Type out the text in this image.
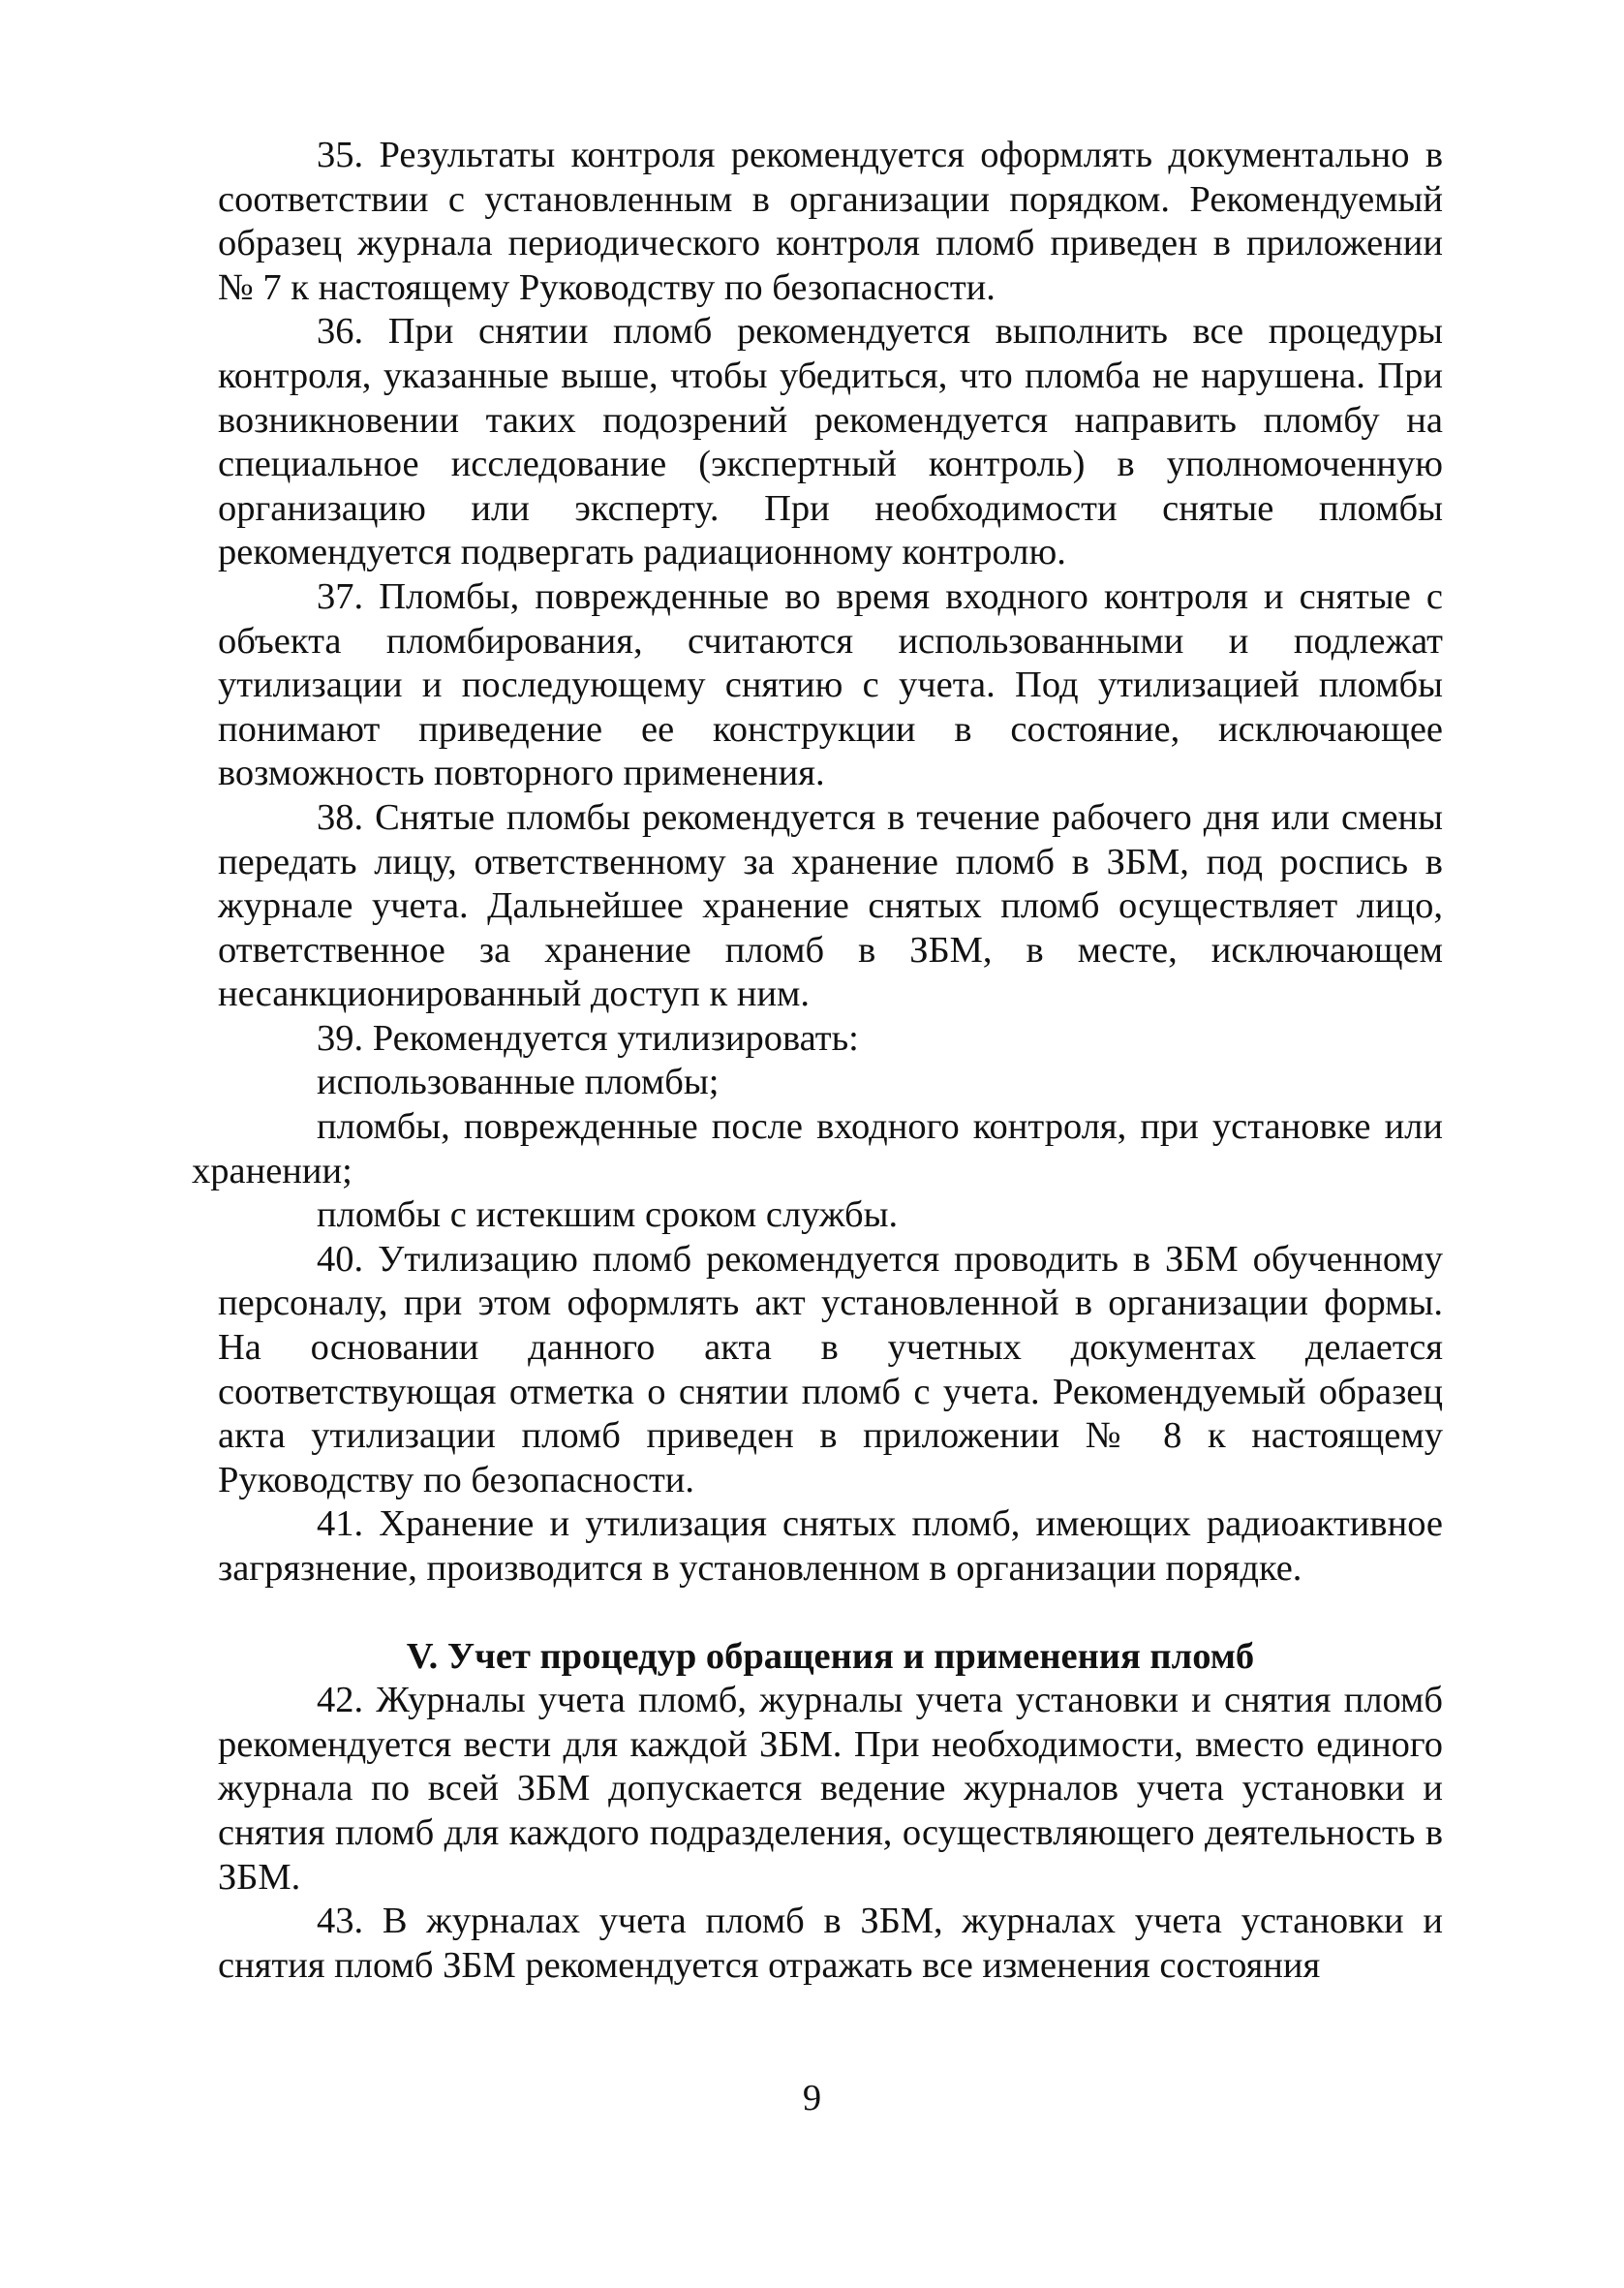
35. Результаты контроля рекомендуется оформлять документально в соответствии с установленным в организации порядком. Рекомендуемый образец журнала периодического контроля пломб приведен в приложении № 7 к настоящему Руководству по безопасности.

36. При снятии пломб рекомендуется выполнить все процедуры контроля, указанные выше, чтобы убедиться, что пломба не нарушена. При возникновении таких подозрений рекомендуется направить пломбу на специальное исследование (экспертный контроль) в уполномоченную организацию или эксперту. При необходимости снятые пломбы рекомендуется подвергать радиационному контролю.

37. Пломбы, поврежденные во время входного контроля и снятые с объекта пломбирования, считаются использованными и подлежат утилизации и последующему снятию с учета. Под утилизацией пломбы понимают приведение ее конструкции в состояние, исключающее возможность повторного применения.

38. Снятые пломбы рекомендуется в течение рабочего дня или смены передать лицу, ответственному за хранение пломб в ЗБМ, под роспись в журнале учета. Дальнейшее хранение снятых пломб осуществляет лицо, ответственное за хранение пломб в ЗБМ, в месте, исключающем несанкционированный доступ к ним.

39. Рекомендуется утилизировать:

использованные пломбы;

пломбы, поврежденные после входного контроля, при установке или хранении;

пломбы с истекшим сроком службы.

40. Утилизацию пломб рекомендуется проводить в ЗБМ обученному персоналу, при этом оформлять акт установленной в организации формы. На основании данного акта в учетных документах делается соответствующая отметка о снятии пломб с учета. Рекомендуемый образец акта утилизации пломб приведен в приложении № 8 к настоящему Руководству по безопасности.

41. Хранение и утилизация снятых пломб, имеющих радиоактивное загрязнение, производится в установленном в организации порядке.

V. Учет процедур обращения и применения пломб

42. Журналы учета пломб, журналы учета установки и снятия пломб рекомендуется вести для каждой ЗБМ. При необходимости, вместо единого журнала по всей ЗБМ допускается ведение журналов учета установки и снятия пломб для каждого подразделения, осуществляющего деятельность в ЗБМ.

43. В журналах учета пломб в ЗБМ, журналах учета установки и снятия пломб ЗБМ рекомендуется отражать все изменения состояния

9
